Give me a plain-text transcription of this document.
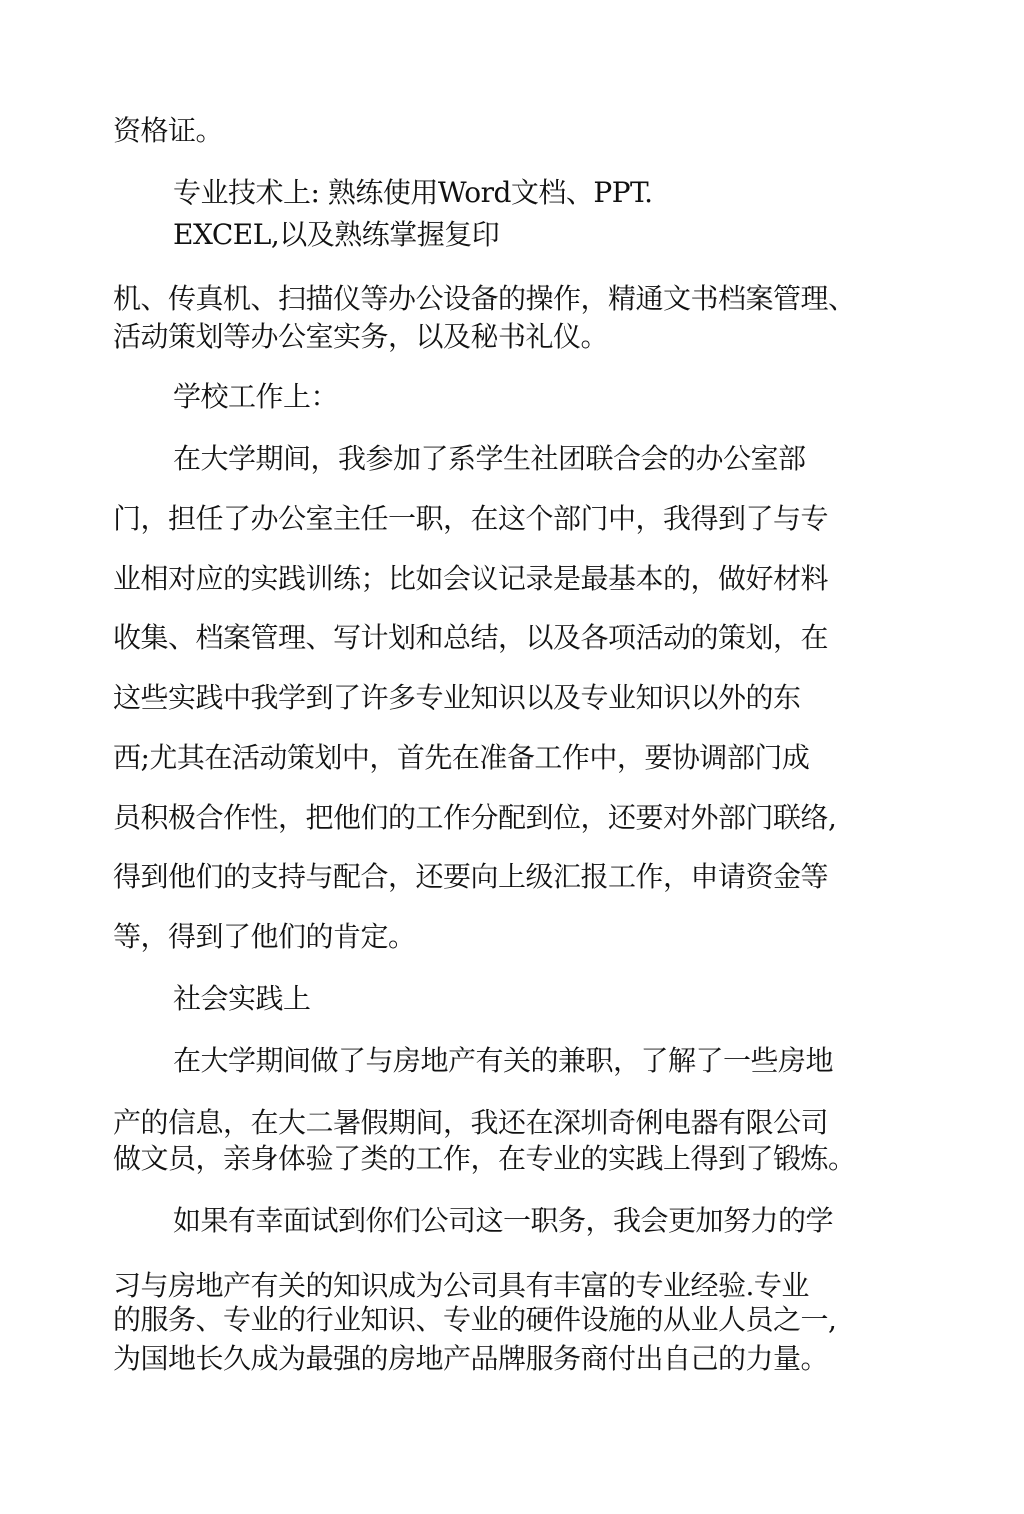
资格证。

专业技术上: 熟练使用Word文档、PPT.

EXCEL,以及熟练掌握复印

机、传真机、扫描仪等办公设备的操作，精通文书档案管理、

活动策划等办公室实务，以及秘书礼仪。

学校工作上：

在大学期间，我参加了系学生社团联合会的办公室部

门，担任了办公室主任一职，在这个部门中，我得到了与专

业相对应的实践训练；比如会议记录是最基本的，做好材料

收集、档案管理、写计划和总结，以及各项活动的策划，在

这些实践中我学到了许多专业知识以及专业知识以外的东

西;尤其在活动策划中，首先在准备工作中，要协调部门成

员积极合作性，把他们的工作分配到位，还要对外部门联络,

得到他们的支持与配合，还要向上级汇报工作，申请资金等

等，得到了他们的肯定。

社会实践上

在大学期间做了与房地产有关的兼职，了解了一些房地

产的信息，在大二暑假期间，我还在深圳奇俐电器有限公司

做文员，亲身体验了类的工作，在专业的实践上得到了锻炼。

如果有幸面试到你们公司这一职务，我会更加努力的学

习与房地产有关的知识成为公司具有丰富的专业经验.专业

的服务、专业的行业知识、专业的硬件设施的从业人员之一,

为国地长久成为最强的房地产品牌服务商付出自己的力量。
